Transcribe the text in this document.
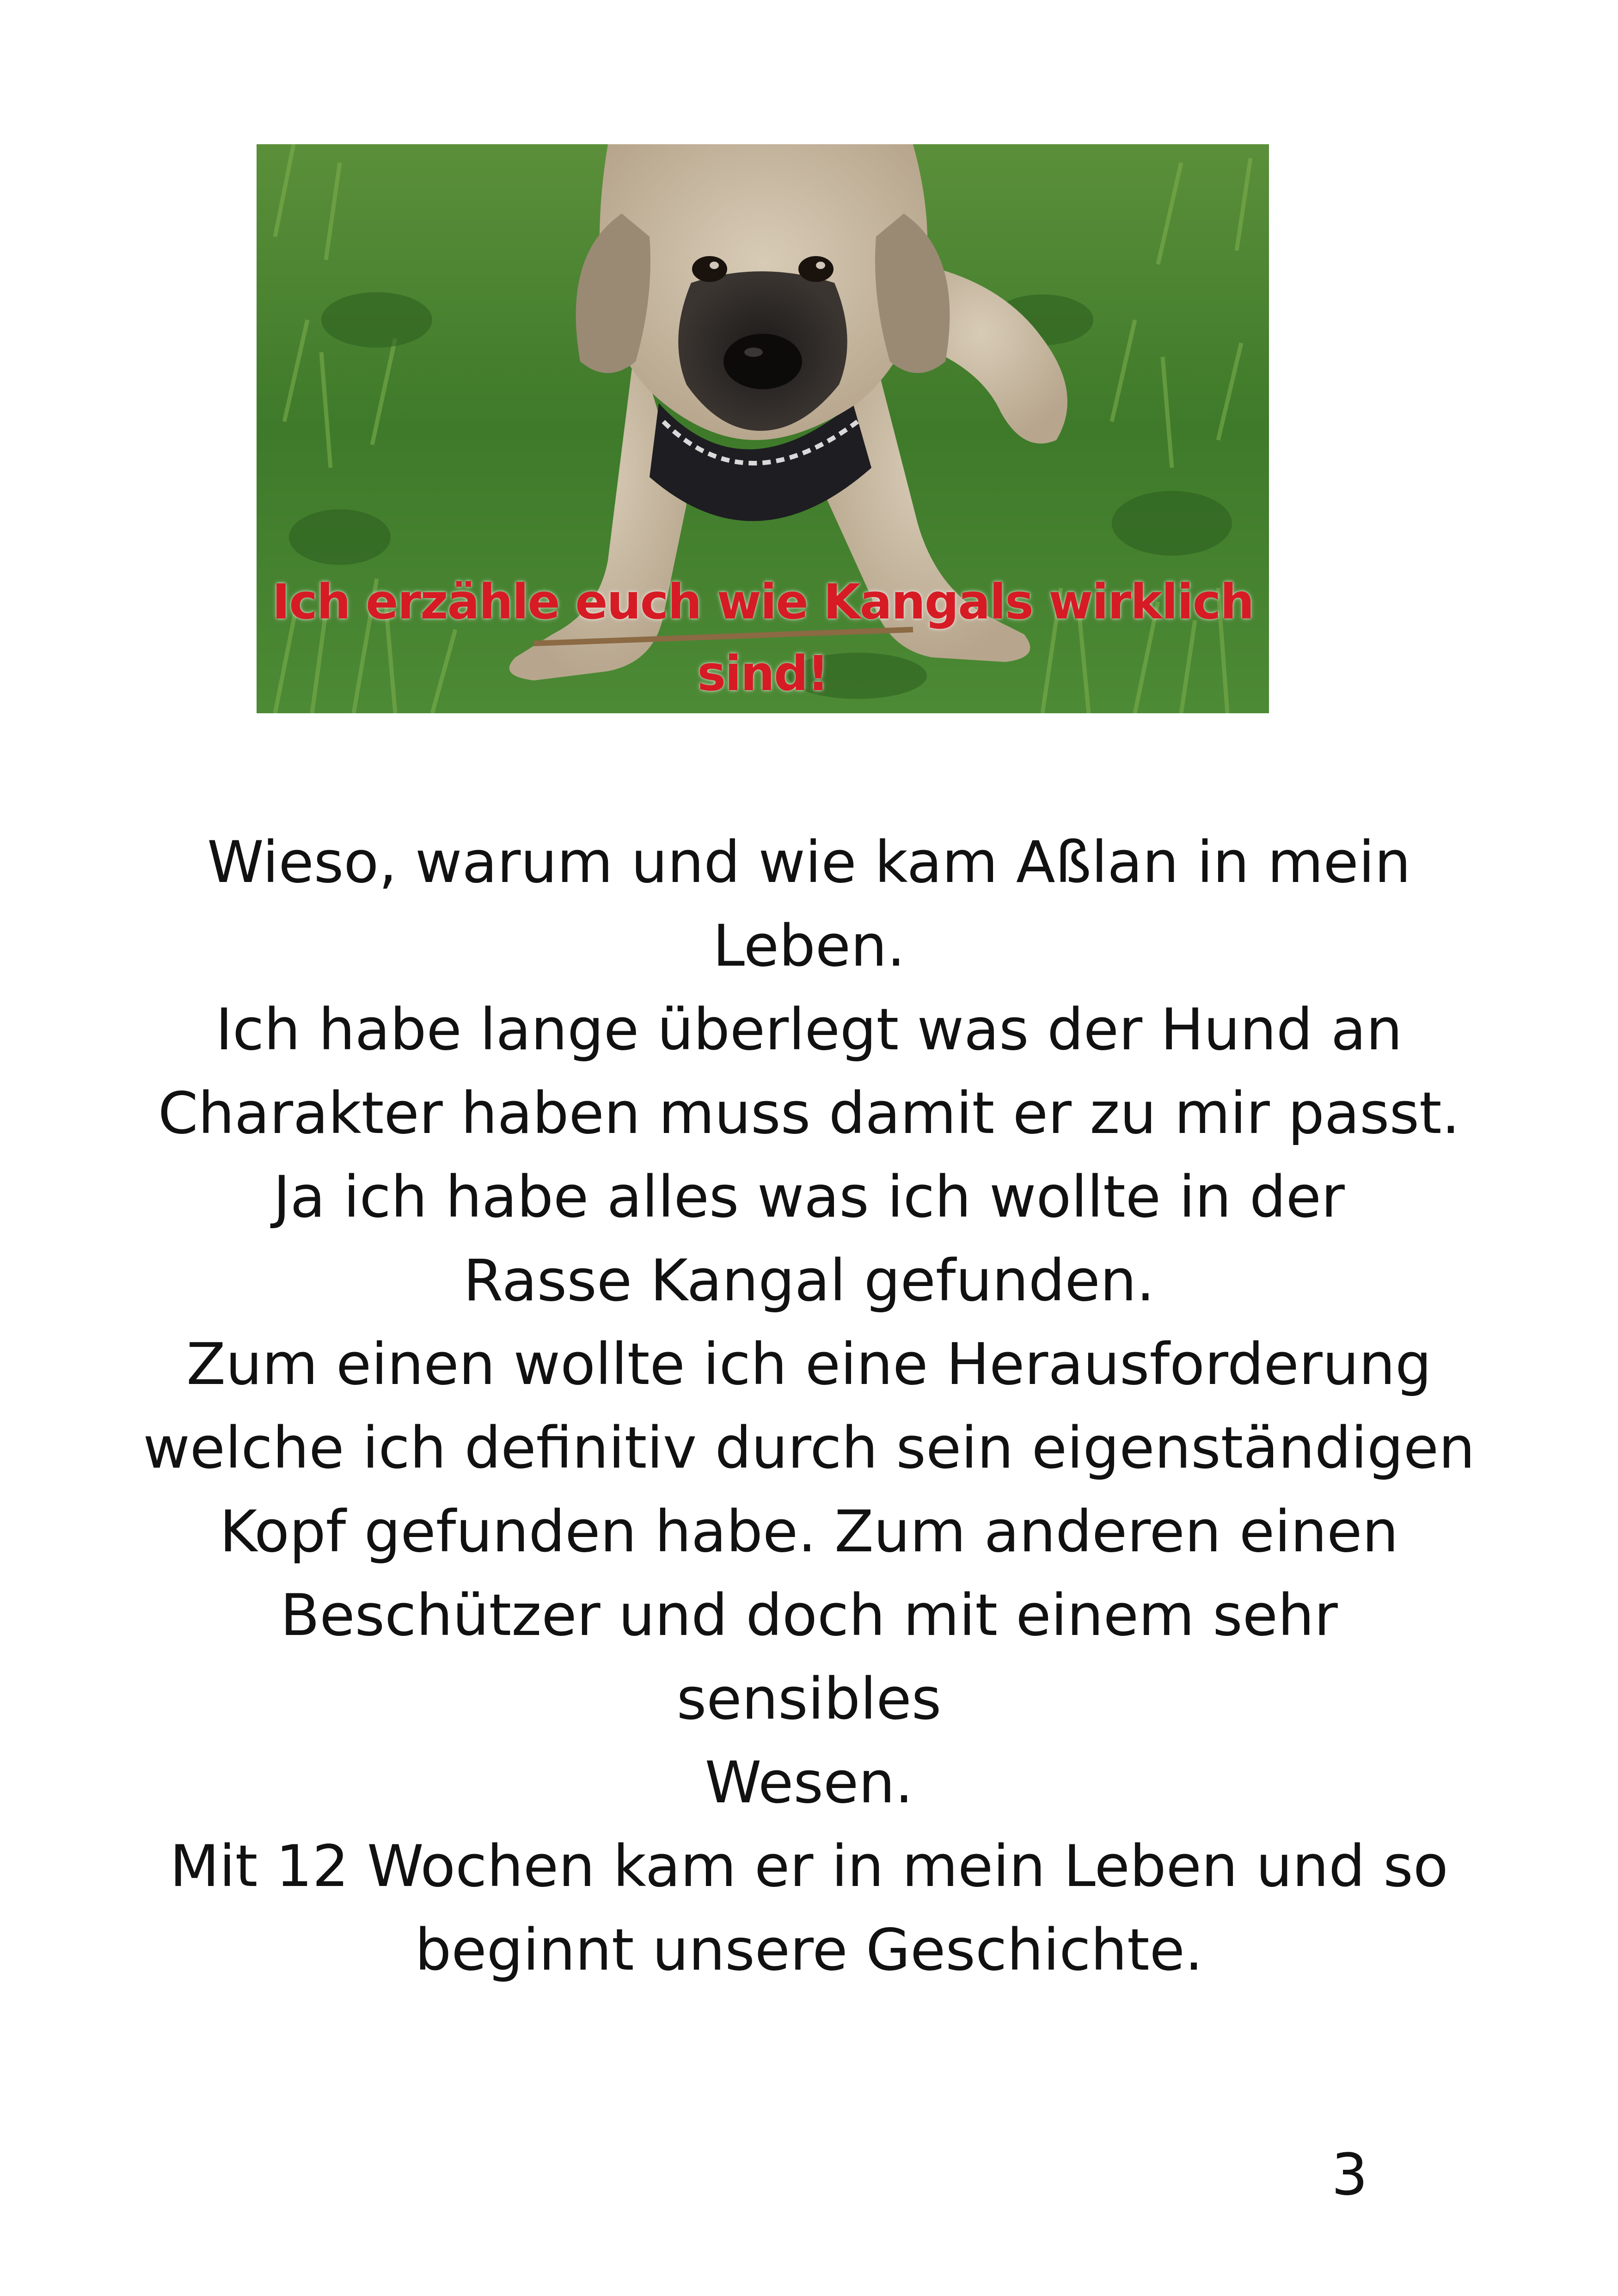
Ich erzähle euch wie Kangals wirklich
sind!
Wieso, warum und wie kam Aßlan in mein
Leben.
Ich habe lange überlegt was der Hund an
Charakter haben muss damit er zu mir passt.
Ja ich habe alles was ich wollte in der
Rasse Kangal gefunden.
Zum einen wollte ich eine Herausforderung
welche ich definitiv durch sein eigenständigen
Kopf gefunden habe. Zum anderen einen
Beschützer und doch mit einem sehr
sensibles
Wesen.
Mit 12 Wochen kam er in mein Leben und so
beginnt unsere Geschichte.
3
